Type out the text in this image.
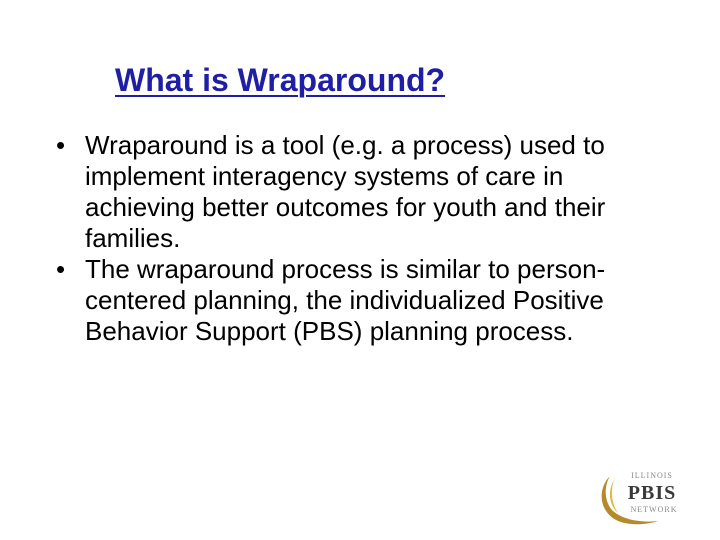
What is Wraparound?
• Wraparound is a tool (e.g. a process) used to implement interagency systems of care in achieving better outcomes for youth and their families.
• The wraparound process is similar to person-centered planning, the individualized Positive Behavior Support (PBS) planning process.
ILLINOIS
PBIS
NETWORK
